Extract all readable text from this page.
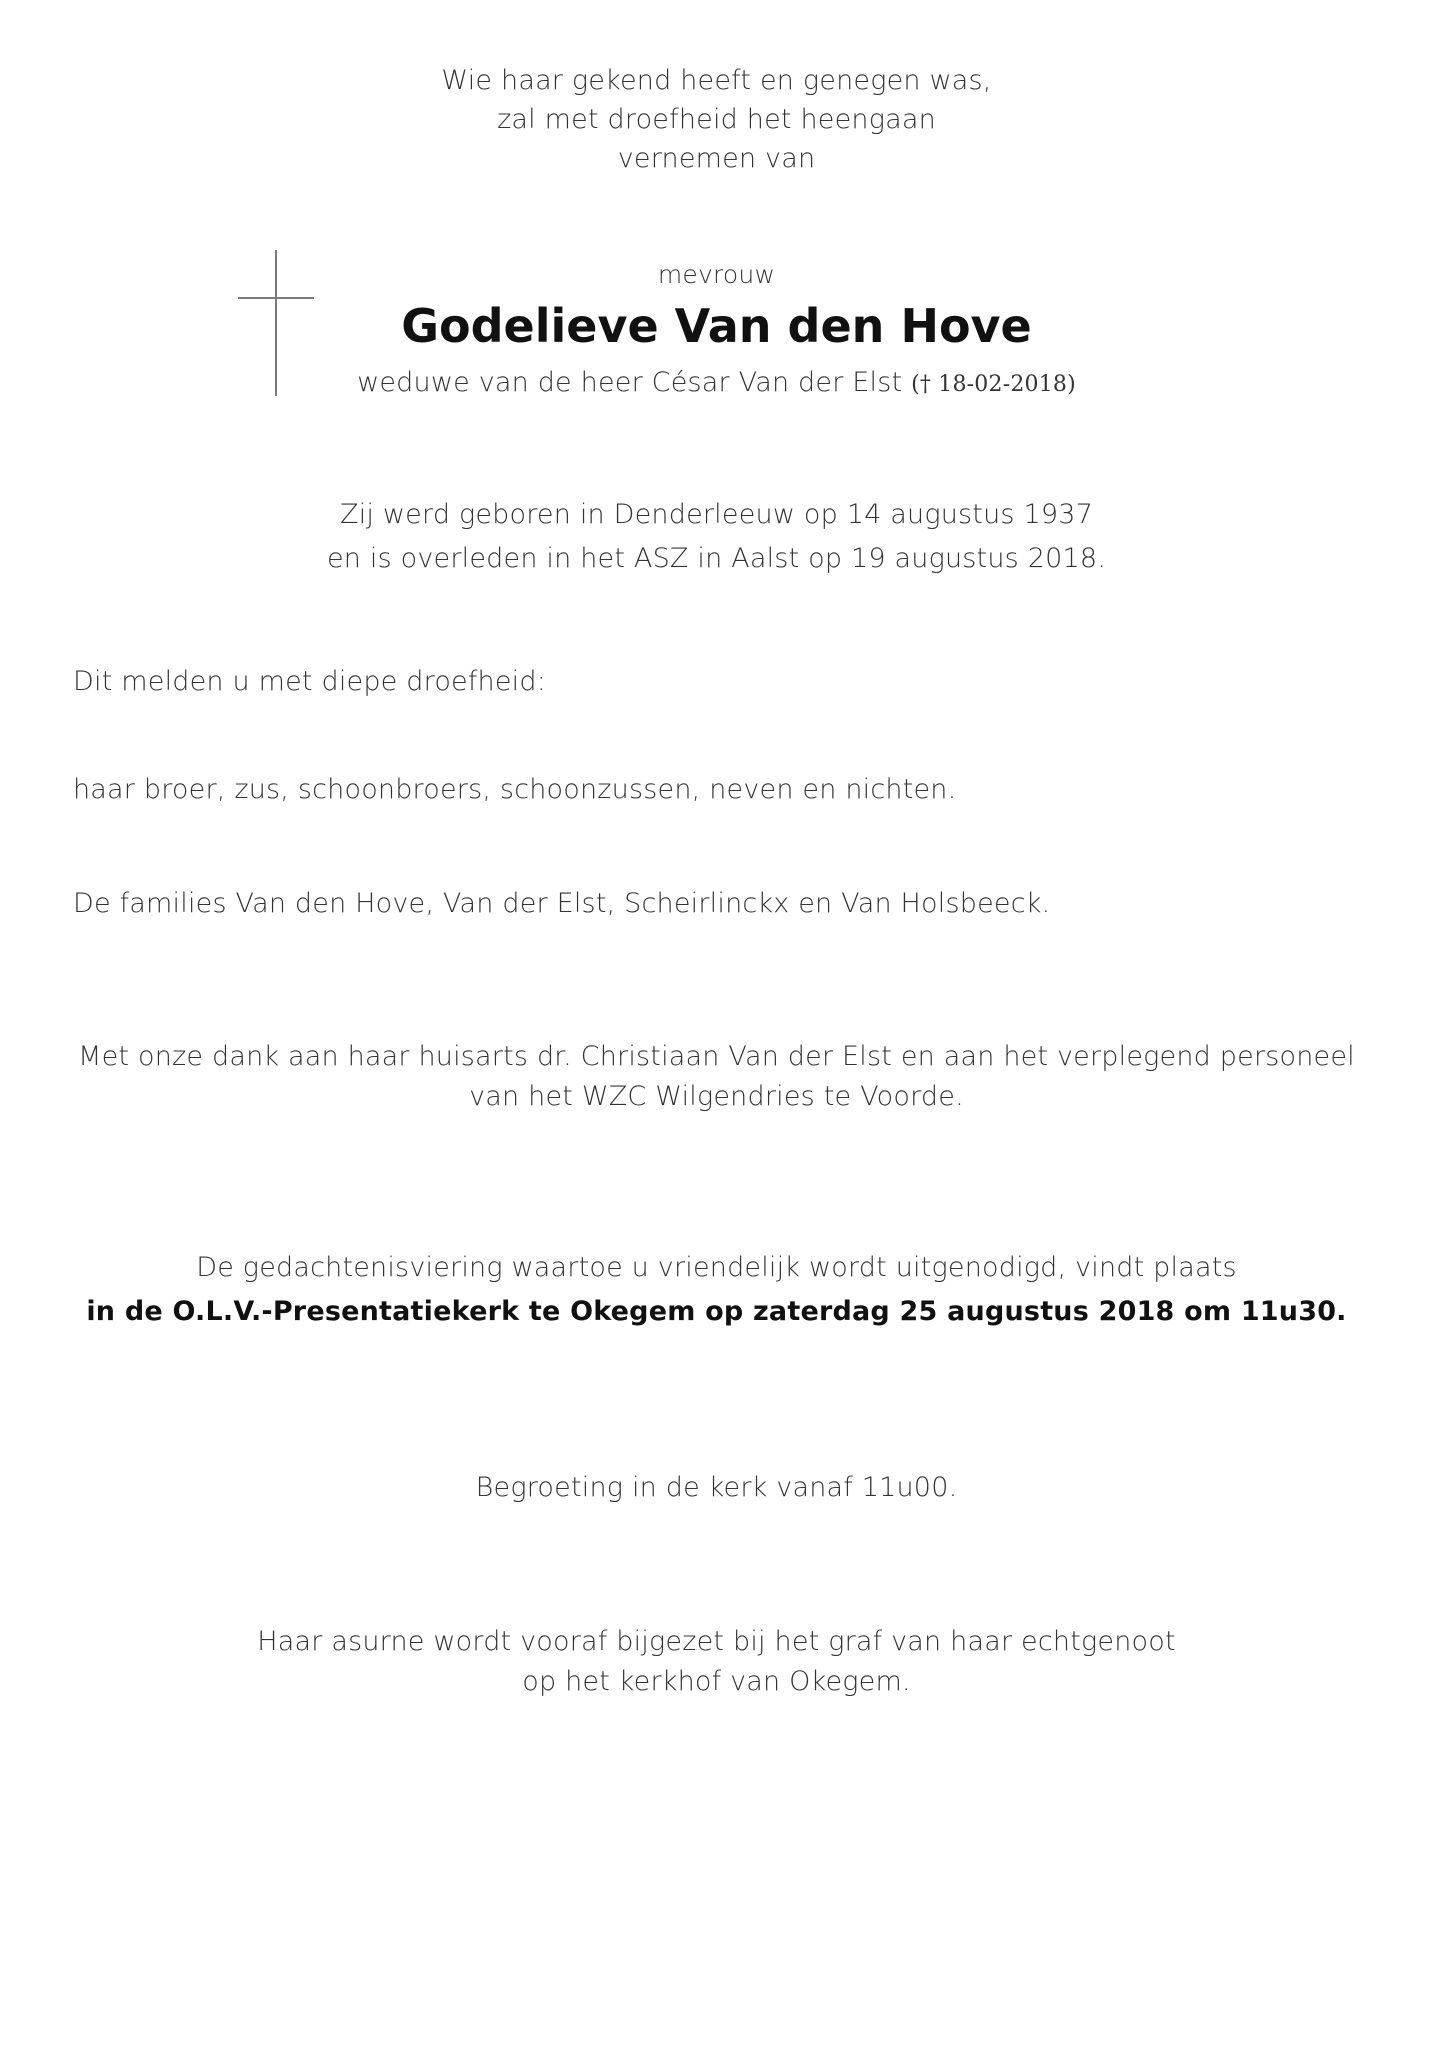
Wie haar gekend heeft en genegen was,
zal met droefheid het heengaan
vernemen van
mevrouw
Godelieve Van den Hove
weduwe van de heer César Van der Elst († 18-02-2018)
Zij werd geboren in Denderleeuw op 14 augustus 1937
en is overleden in het ASZ in Aalst op 19 augustus 2018.
Dit melden u met diepe droefheid:
haar broer, zus, schoonbroers, schoonzussen, neven en nichten.
De families Van den Hove, Van der Elst, Scheirlinckx en Van Holsbeeck.
Met onze dank aan haar huisarts dr. Christiaan Van der Elst en aan het verplegend personeel
van het WZC Wilgendries te Voorde.
De gedachtenisviering waartoe u vriendelijk wordt uitgenodigd, vindt plaats
in de O.L.V.-Presentatiekerk te Okegem op zaterdag 25 augustus 2018 om 11u30.
Begroeting in de kerk vanaf 11u00.
Haar asurne wordt vooraf bijgezet bij het graf van haar echtgenoot
op het kerkhof van Okegem.
